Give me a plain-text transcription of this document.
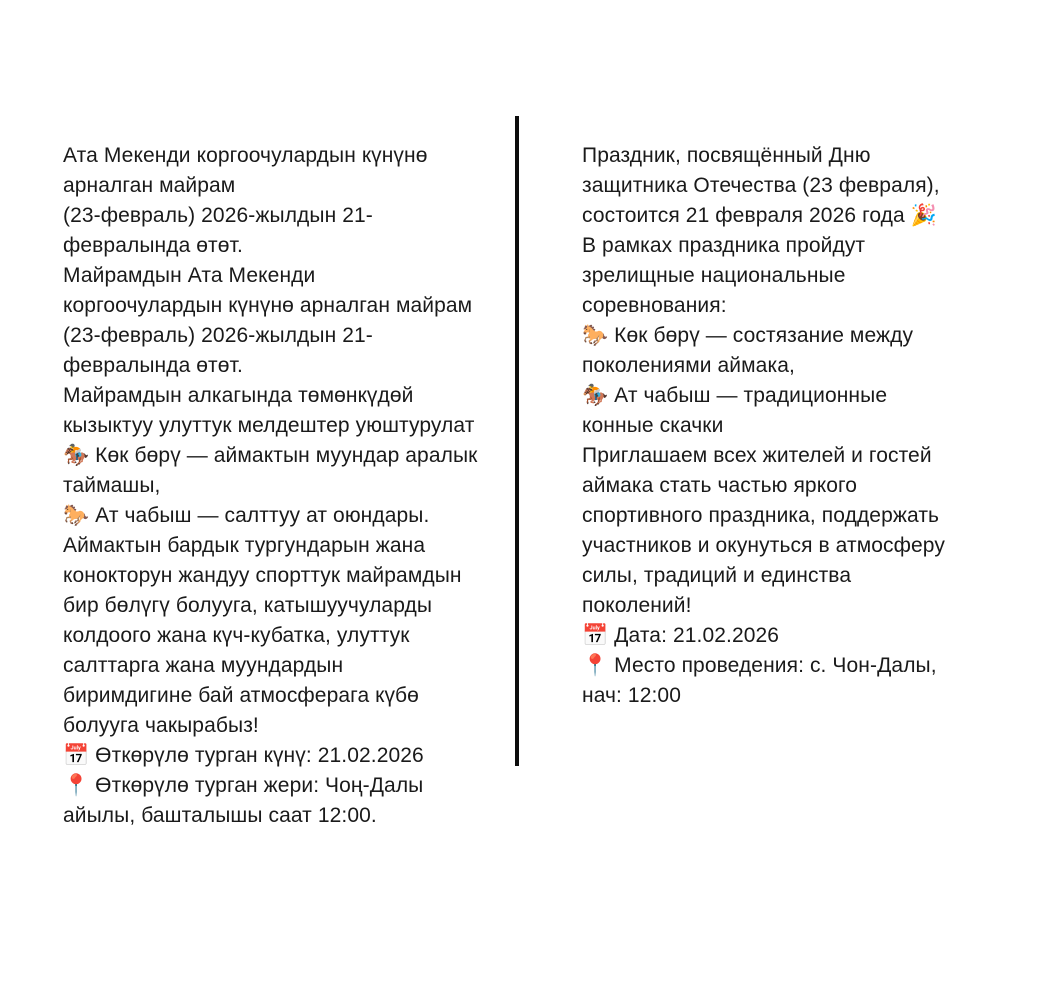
Ата Мекенди коргоочулардын күнүнө
арналган майрам
(23-февраль) 2026-жылдын 21-
февралында өтөт.
Майрамдын Ата Мекенди
коргоочулардын күнүнө арналган майрам
(23-февраль) 2026-жылдын 21-
февралында өтөт.
Майрамдын алкагында төмөнкүдөй
кызыктуу улуттук мелдештер уюштурулат
🏇 Көк бөрү — аймактын муундар аралык
таймашы,
🐎 Ат чабыш — салттуу ат оюндары.
Аймактын бардык тургундарын жана
конокторун жандуу спорттук майрамдын
бир бөлүгү болууга, катышуучуларды
колдоого жана күч-кубатка, улуттук
салттарга жана муундардын
биримдигине бай атмосферага күбө
болууга чакырабыз!
📅 Өткөрүлө турган күнү: 21.02.2026
📍 Өткөрүлө турган жери: Чоң-Далы
айылы, башталышы саат 12:00.
Праздник, посвящённый Дню
защитника Отечества (23 февраля),
состоится 21 февраля 2026 года 🎉
В рамках праздника пройдут
зрелищные национальные
соревнования:
🐎 Көк бөрү — состязание между
поколениями аймака,
🏇 Ат чабыш — традиционные
конные скачки
Приглашаем всех жителей и гостей
аймака стать частью яркого
спортивного праздника, поддержать
участников и окунуться в атмосферу
силы, традиций и единства
поколений!
📅 Дата: 21.02.2026
📍 Место проведения: с. Чон-Далы,
нач: 12:00
